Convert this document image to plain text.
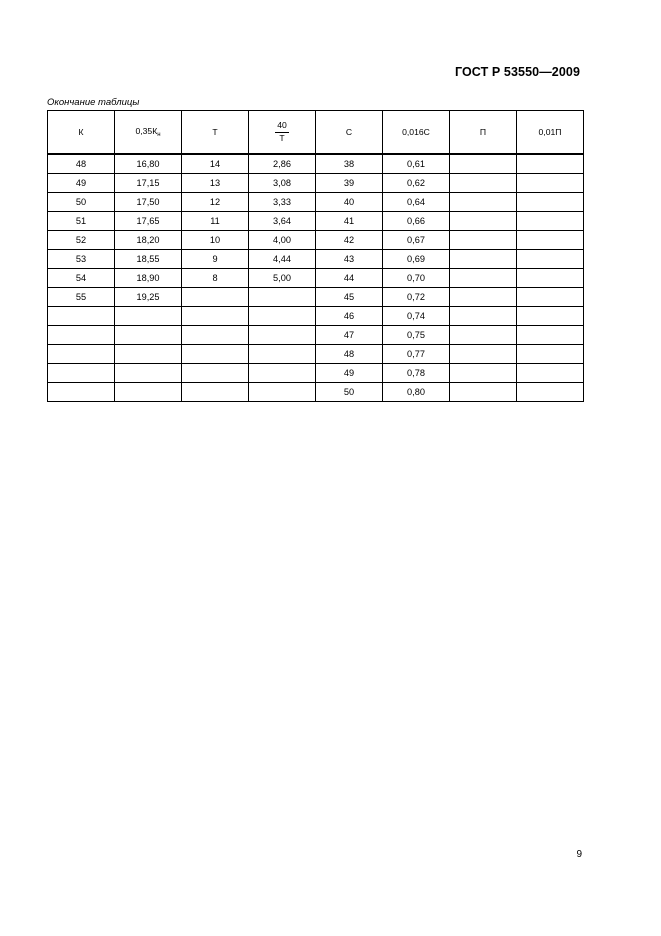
ГОСТ Р 53550—2009
Окончание таблицы
К	$0,35К_н$	Т	$\frac{40}{Т}$	С	0,016С	П	0,01П
48	16,80	14	2,86	38	0,61		
49	17,15	13	3,08	39	0,62		
50	17,50	12	3,33	40	0,64		
51	17,65	11	3,64	41	0,66		
52	18,20	10	4,00	42	0,67		
53	18,55	9	4,44	43	0,69		
54	18,90	8	5,00	44	0,70		
55	19,25			45	0,72		
				46	0,74		
				47	0,75		
				48	0,77		
				49	0,78		
				50	0,80		
9
